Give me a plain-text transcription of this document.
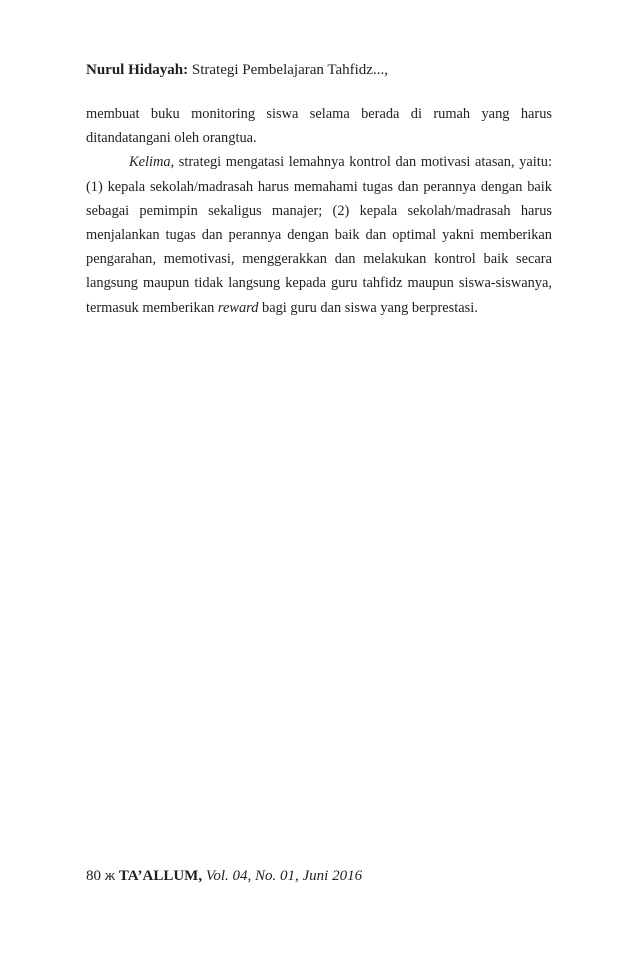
Nurul Hidayah: Strategi Pembelajaran Tahfidz...,

membuat buku monitoring siswa selama berada di rumah yang harus ditandatangani oleh orangtua.

Kelima, strategi mengatasi lemahnya kontrol dan motivasi atasan, yaitu: (1) kepala sekolah/madrasah harus memahami tugas dan perannya dengan baik sebagai pemimpin sekaligus manajer; (2) kepala sekolah/madrasah harus menjalankan tugas dan perannya dengan baik dan optimal yakni memberikan pengarahan, memotivasi, menggerakkan dan melakukan kontrol baik secara langsung maupun tidak langsung kepada guru tahfidz maupun siswa-siswanya, termasuk memberikan reward bagi guru dan siswa yang berprestasi.

80 ж TA’ALLUM, Vol. 04, No. 01, Juni 2016
